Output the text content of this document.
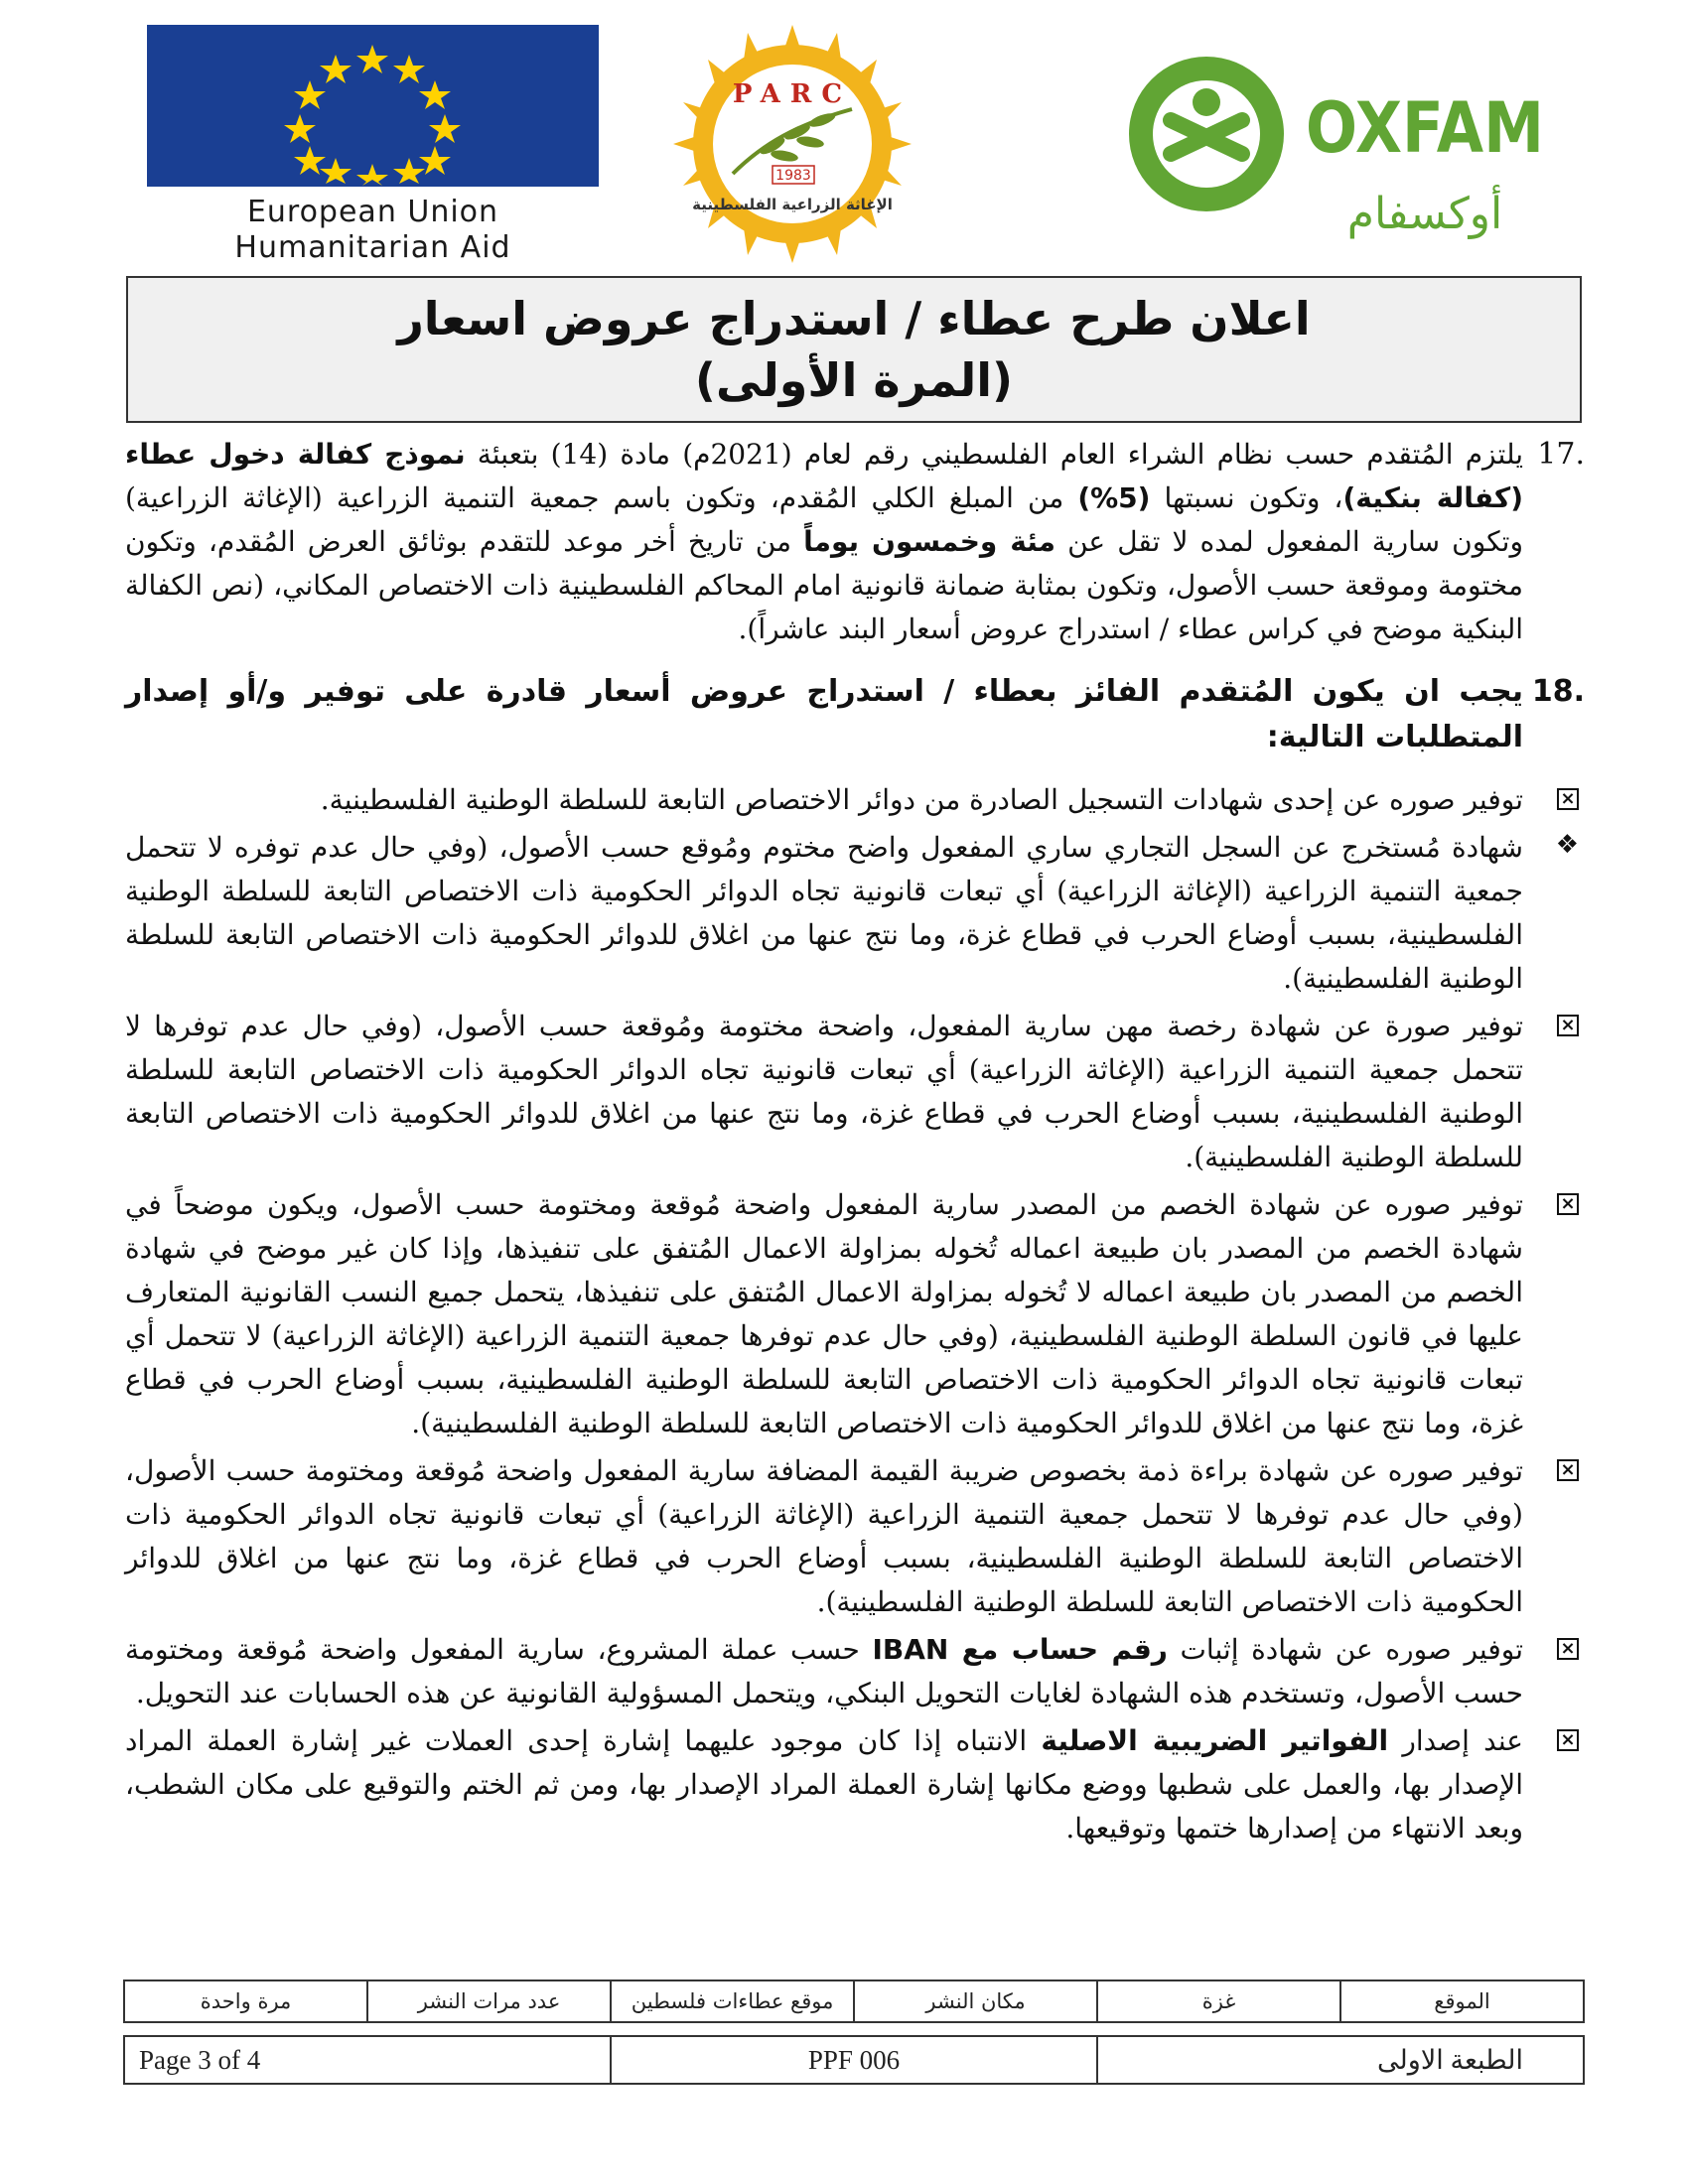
European Union
Humanitarian Aid
PARC
1983
الإغاثة الزراعية الفلسطينية
OXFAM
أوكسفام
اعلان طرح عطاء / استدراج عروض اسعار
(المرة الأولى)
17.
يلتزم المُتقدم حسب نظام الشراء العام الفلسطيني رقم لعام (2021م) مادة (14) بتعبئة نموذج كفالة دخول عطاء (كفالة بنكية)، وتكون نسبتها (5%) من المبلغ الكلي المُقدم، وتكون باسم جمعية التنمية الزراعية (الإغاثة الزراعية) وتكون سارية المفعول لمده لا تقل عن مئة وخمسون يوماً من تاريخ أخر موعد للتقدم بوثائق العرض المُقدم، وتكون مختومة وموقعة حسب الأصول، وتكون بمثابة ضمانة قانونية امام المحاكم الفلسطينية ذات الاختصاص المكاني، (نص الكفالة البنكية موضح في كراس عطاء / استدراج عروض أسعار البند عاشراً).
18.
يجب ان يكون المُتقدم الفائز بعطاء / استدراج عروض أسعار قادرة على توفير و/أو إصدار المتطلبات التالية:
×
توفير صوره عن إحدى شهادات التسجيل الصادرة من دوائر الاختصاص التابعة للسلطة الوطنية الفلسطينية.
❖
شهادة مُستخرج عن السجل التجاري ساري المفعول واضح مختوم ومُوقع حسب الأصول، (وفي حال عدم توفره لا تتحمل جمعية التنمية الزراعية (الإغاثة الزراعية) أي تبعات قانونية تجاه الدوائر الحكومية ذات الاختصاص التابعة للسلطة الوطنية الفلسطينية، بسبب أوضاع الحرب في قطاع غزة، وما نتج عنها من اغلاق للدوائر الحكومية ذات الاختصاص التابعة للسلطة الوطنية الفلسطينية).
×
توفير صورة عن شهادة رخصة مهن سارية المفعول، واضحة مختومة ومُوقعة حسب الأصول، (وفي حال عدم توفرها لا تتحمل جمعية التنمية الزراعية (الإغاثة الزراعية) أي تبعات قانونية تجاه الدوائر الحكومية ذات الاختصاص التابعة للسلطة الوطنية الفلسطينية، بسبب أوضاع الحرب في قطاع غزة، وما نتج عنها من اغلاق للدوائر الحكومية ذات الاختصاص التابعة للسلطة الوطنية الفلسطينية).
×
توفير صوره عن شهادة الخصم من المصدر سارية المفعول واضحة مُوقعة ومختومة حسب الأصول، ويكون موضحاً في شهادة الخصم من المصدر بان طبيعة اعماله تُخوله بمزاولة الاعمال المُتفق على تنفيذها، وإذا كان غير موضح في شهادة الخصم من المصدر بان طبيعة اعماله لا تُخوله بمزاولة الاعمال المُتفق على تنفيذها، يتحمل جميع النسب القانونية المتعارف عليها في قانون السلطة الوطنية الفلسطينية، (وفي حال عدم توفرها جمعية التنمية الزراعية (الإغاثة الزراعية) لا تتحمل أي تبعات قانونية تجاه الدوائر الحكومية ذات الاختصاص التابعة للسلطة الوطنية الفلسطينية، بسبب أوضاع الحرب في قطاع غزة، وما نتج عنها من اغلاق للدوائر الحكومية ذات الاختصاص التابعة للسلطة الوطنية الفلسطينية).
×
توفير صوره عن شهادة براءة ذمة بخصوص ضريبة القيمة المضافة سارية المفعول واضحة مُوقعة ومختومة حسب الأصول، (وفي حال عدم توفرها لا تتحمل جمعية التنمية الزراعية (الإغاثة الزراعية) أي تبعات قانونية تجاه الدوائر الحكومية ذات الاختصاص التابعة للسلطة الوطنية الفلسطينية، بسبب أوضاع الحرب في قطاع غزة، وما نتج عنها من اغلاق للدوائر الحكومية ذات الاختصاص التابعة للسلطة الوطنية الفلسطينية).
×
توفير صوره عن شهادة إثبات رقم حساب مع IBAN حسب عملة المشروع، سارية المفعول واضحة مُوقعة ومختومة حسب الأصول، وتستخدم هذه الشهادة لغايات التحويل البنكي، ويتحمل المسؤولية القانونية عن هذه الحسابات عند التحويل.
×
عند إصدار الفواتير الضريبية الاصلية الانتباه إذا كان موجود عليهما إشارة إحدى العملات غير إشارة العملة المراد الإصدار بها، والعمل على شطبها ووضع مكانها إشارة العملة المراد الإصدار بها، ومن ثم الختم والتوقيع على مكان الشطب، وبعد الانتهاء من إصدارها ختمها وتوقيعها.
الموقع	غزة	مكان النشر	موقع عطاءات فلسطين	عدد مرات النشر	مرة واحدة
Page 3 of 4	PPF 006	الطبعة الاولى
